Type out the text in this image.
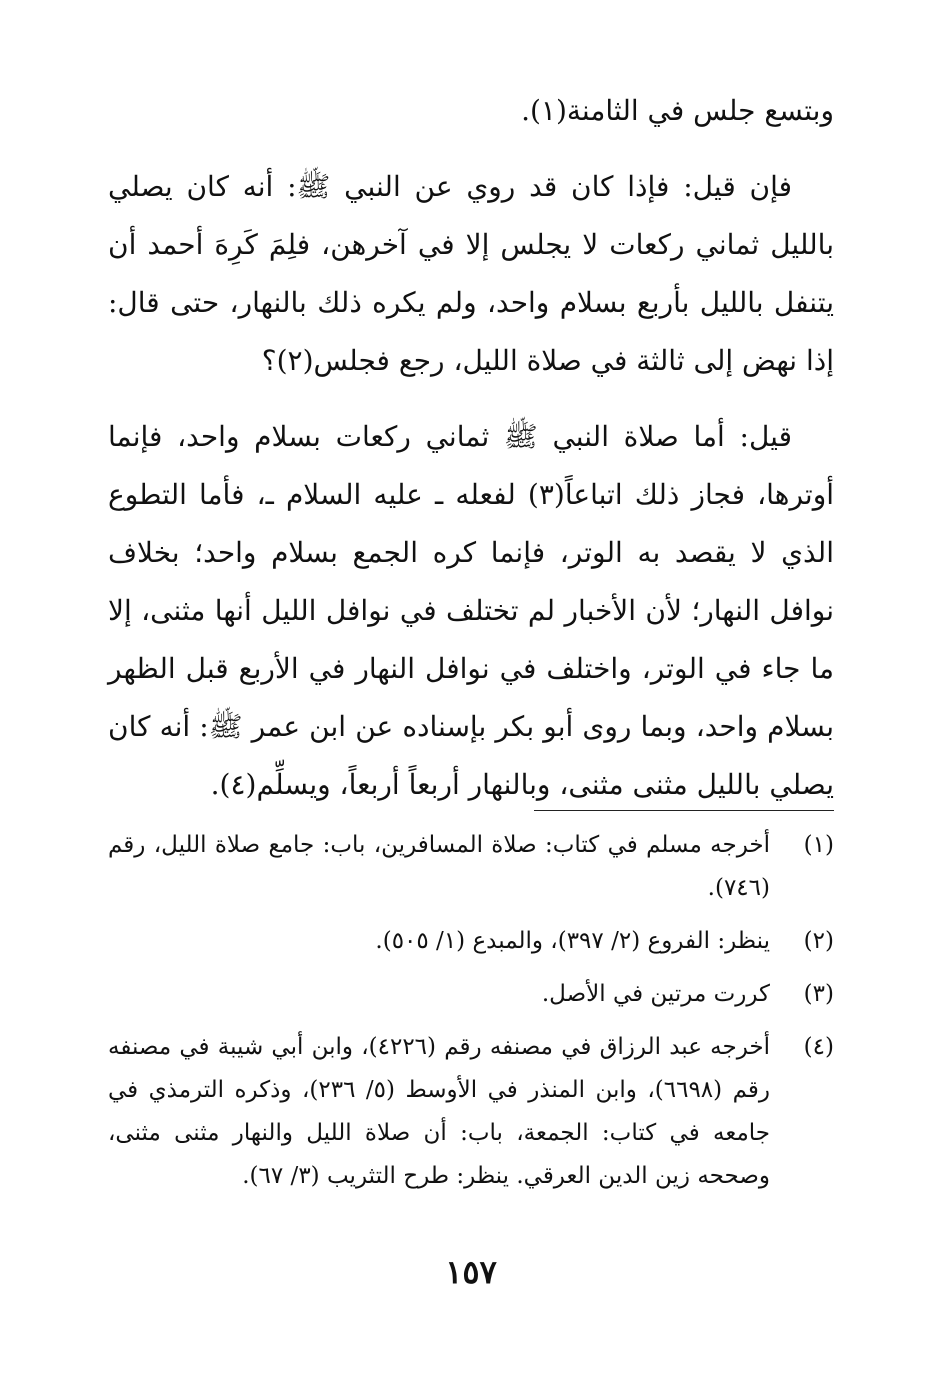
وبتسع جلس في الثامنة(١).

فإن قيل: فإذا كان قد روي عن النبي ﷺ: أنه كان يصلي بالليل ثماني ركعات لا يجلس إلا في آخرهن، فلِمَ كَرِهَ أحمد أن يتنفل بالليل بأربع بسلام واحد، ولم يكره ذلك بالنهار، حتى قال: إذا نهض إلى ثالثة في صلاة الليل، رجع فجلس(٢)؟

قيل: أما صلاة النبي ﷺ ثماني ركعات بسلام واحد، فإنما أوترها، فجاز ذلك اتباعاً(٣) لفعله ـ عليه السلام ـ، فأما التطوع الذي لا يقصد به الوتر، فإنما كره الجمع بسلام واحد؛ بخلاف نوافل النهار؛ لأن الأخبار لم تختلف في نوافل الليل أنها مثنى، إلا ما جاء في الوتر، واختلف في نوافل النهار في الأربع قبل الظهر بسلام واحد، وبما روى أبو بكر بإسناده عن ابن عمر ﷺ: أنه كان يصلي بالليل مثنى مثنى، وبالنهار أربعاً أربعاً، ويسلِّم(٤).

(١)
أخرجه مسلم في كتاب: صلاة المسافرين، باب: جامع صلاة الليل، رقم (٧٤٦).
(٢)
ينظر: الفروع (٢/ ٣٩٧)، والمبدع (١/ ٥٠٥).
(٣)
كررت مرتين في الأصل.
(٤)
أخرجه عبد الرزاق في مصنفه رقم (٤٢٢٦)، وابن أبي شيبة في مصنفه رقم (٦٦٩٨)، وابن المنذر في الأوسط (٥/ ٢٣٦)، وذكره الترمذي في جامعه في كتاب: الجمعة، باب: أن صلاة الليل والنهار مثنى مثنى، وصححه زين الدين العرقي. ينظر: طرح التثريب (٣/ ٦٧).
١٥٧
